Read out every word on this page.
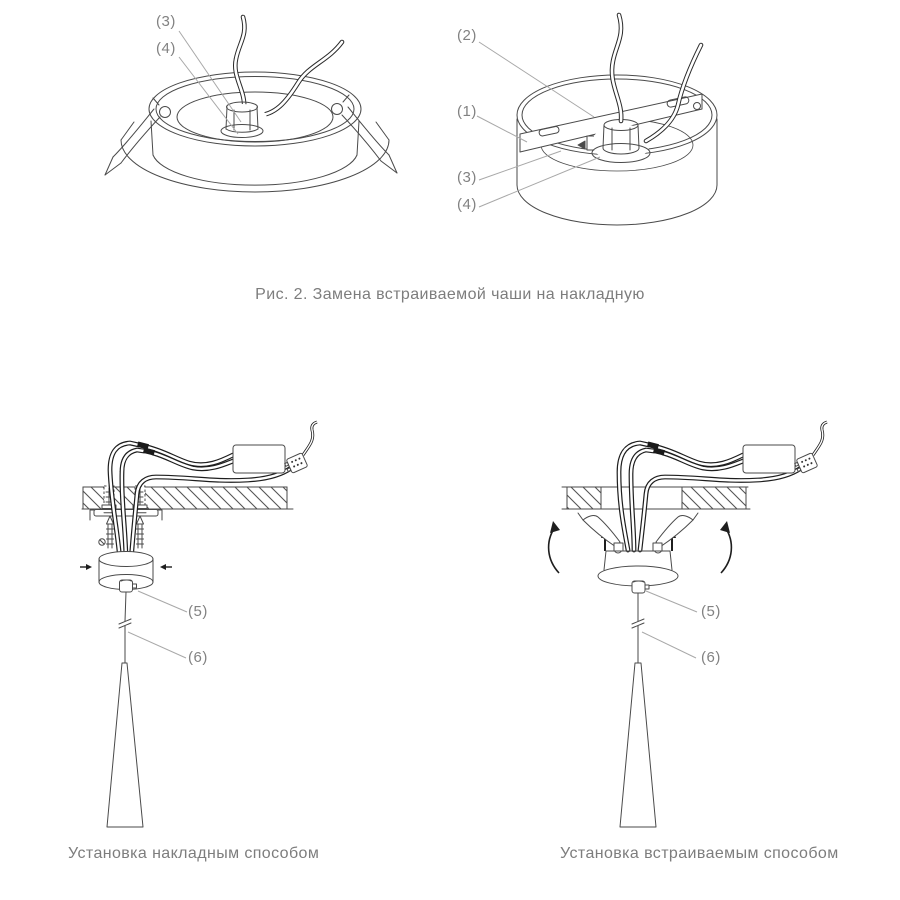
(3)
(4)
(2)
(1)
(3)
(4)
Рис. 2. Замена встраиваемой чаши на накладную
(5)
(6)
Установка накладным способом
(5)
(6)
Установка встраиваемым способом
